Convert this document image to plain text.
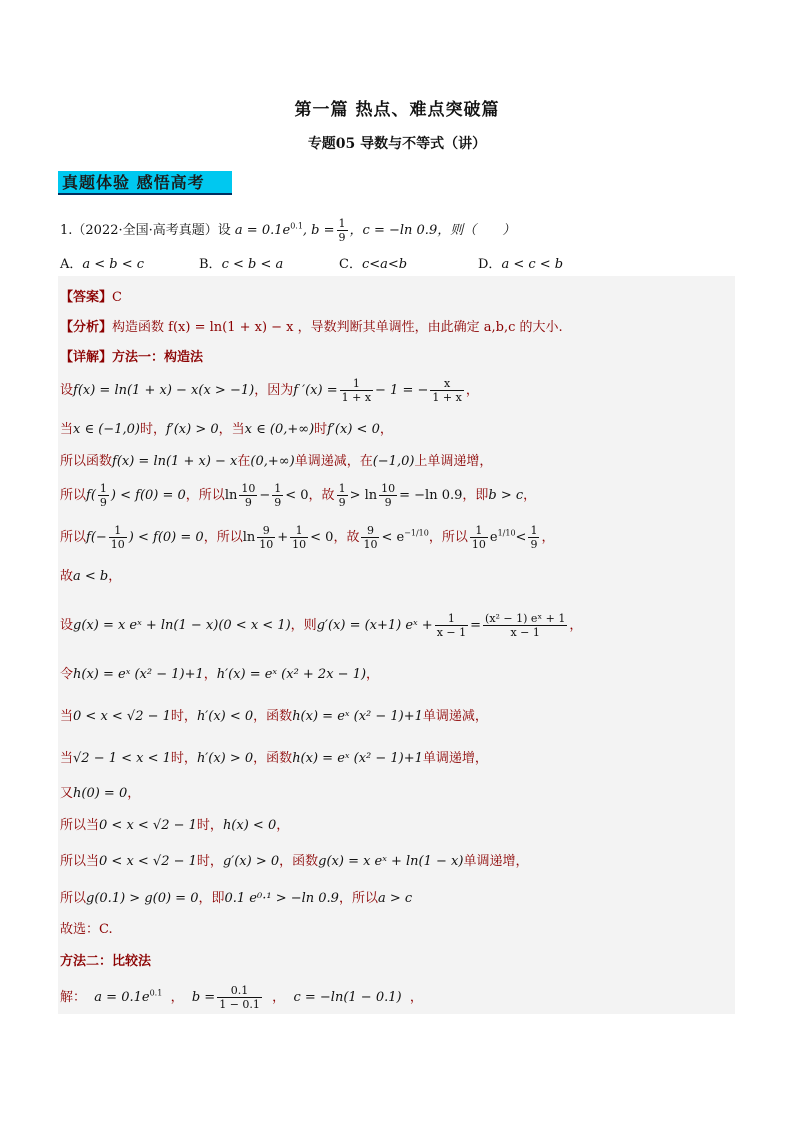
第一篇 热点、难点突破篇
专题05 导数与不等式（讲）
真题体验 感悟高考
1.（2022·全国·高考真题）设 $a = 0.1e^{0.1}$, $b = \frac{1}{9}$ ，c = −ln 0.9，则（　　）
A．a < b < c	B．c < b < a	C．c<a<b	D．a < c < b
【答案】C
【分析】构造函数 f(x) = ln(1 + x) − x ，导数判断其单调性，由此确定 a,b,c 的大小.
【详解】方法一：构造法
设f(x) = ln(1 + x) − x(x > −1)，因为f $'(x) = \frac{1}{1 + x} - 1$ = − $\frac{x}{1 + x}$ ，
当x ∈ (−1,0)时，f′(x) > 0，当x ∈ (0,+∞)时f′(x) < 0，
所以函数f(x) = ln(1 + x) − x在(0,+∞)单调递减，在(−1,0)上单调递增，
所以$f( \frac{1}{9}$ ) < f(0) = 0，所以$\ln \frac{10}{9} - \frac{1}{9} < 0$，故 $\frac{1}{9} > \ln \frac{10}{9} = -\ln$ 0.9，即b > c，
所以$f(- \frac{1}{10}$ ) < f(0) = 0，所以$\ln \frac{9}{10} + \frac{1}{10} < 0$，故 $\frac{9}{10} < e^{-1/10}$，所以 $\frac{1}{10} e^{1/10}< \frac{1}{9}$ ，
故a < b，
设g(x) = x eˣ + ln(1 − x)(0 < x < 1)，则g′(x) = (x+1) eˣ + $\frac{1}{x - 1} = \frac{\text{(x² − 1) eˣ + 1}}{x - 1}$ ，
令h(x) = eˣ (x² − 1)+1，h′(x) = eˣ (x² + 2x − 1)，
当0 < x < √2 − 1时，h′(x) < 0，函数h(x) = eˣ (x² − 1)+1单调递减，
当√2 − 1 < x < 1时，h′(x) > 0，函数h(x) = eˣ (x² − 1)+1单调递增，
又h(0) = 0，
所以当0 < x < √2 − 1时，h(x) < 0，
所以当0 < x < √2 − 1时，g′(x) > 0，函数g(x) = x eˣ + ln(1 − x)单调递增，
所以g(0.1) > g(0) = 0，即0.1 e⁰·¹ > −ln 0.9，所以a > c
故选：C.
方法二：比较法
解： $a = 0.1e^{0.1}$ ， $b = \frac{0.1}{1 - 0.1}$ ， c = −ln(1 − 0.1) ，
